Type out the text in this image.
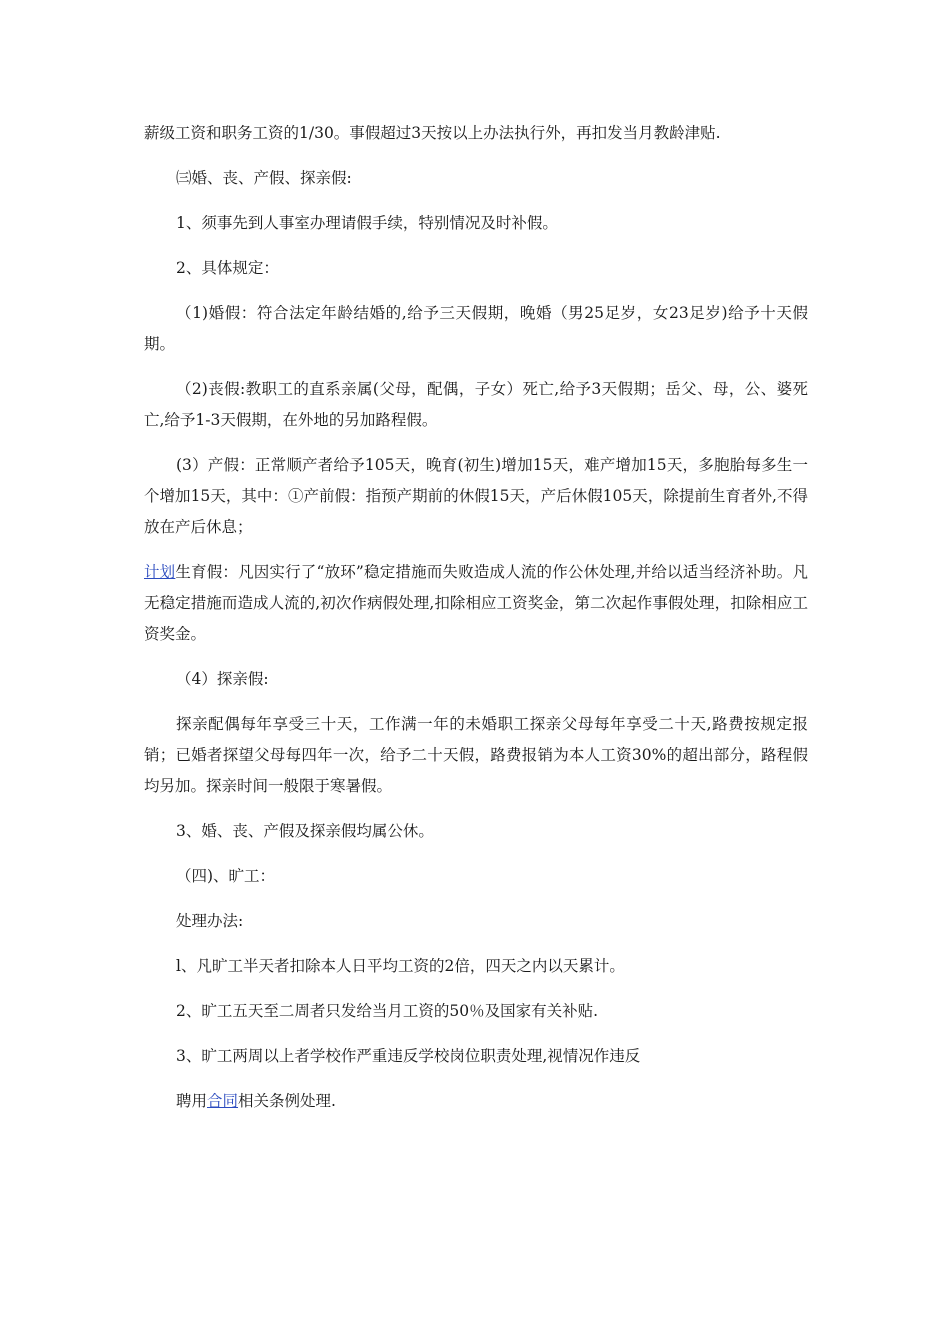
薪级工资和职务工资的1/30。事假超过3天按以上办法执行外，再扣发当月教龄津贴.

㈢婚、丧、产假、探亲假:

1、须事先到人事室办理请假手续，特别情况及时补假。

2、具体规定：

（1)婚假：符合法定年龄结婚的,给予三天假期，晚婚（男25足岁，女23足岁)给予十天假期。

（2)丧假:教职工的直系亲属(父母，配偶，子女）死亡,给予3天假期；岳父、母，公、婆死亡,给予1-3天假期，在外地的另加路程假。

(3）产假：正常顺产者给予105天，晚育(初生)增加15天，难产增加15天，多胞胎每多生一个增加15天，其中：①产前假：指预产期前的休假15天，产后休假105天，除提前生育者外,不得放在产后休息；

计划生育假：凡因实行了“放环”稳定措施而失败造成人流的作公休处理,并给以适当经济补助。凡无稳定措施而造成人流的,初次作病假处理,扣除相应工资奖金，第二次起作事假处理，扣除相应工资奖金。

（4）探亲假:

探亲配偶每年享受三十天，工作满一年的未婚职工探亲父母每年享受二十天,路费按规定报销；已婚者探望父母每四年一次，给予二十天假，路费报销为本人工资30%的超出部分，路程假均另加。探亲时间一般限于寒暑假。

3、婚、丧、产假及探亲假均属公休。

（四)、旷工：

处理办法:

l、凡旷工半天者扣除本人日平均工资的2倍，四天之内以天累计。

2、旷工五天至二周者只发给当月工资的50％及国家有关补贴.

3、旷工两周以上者学校作严重违反学校岗位职责处理,视情况作违反

聘用合同相关条例处理.
